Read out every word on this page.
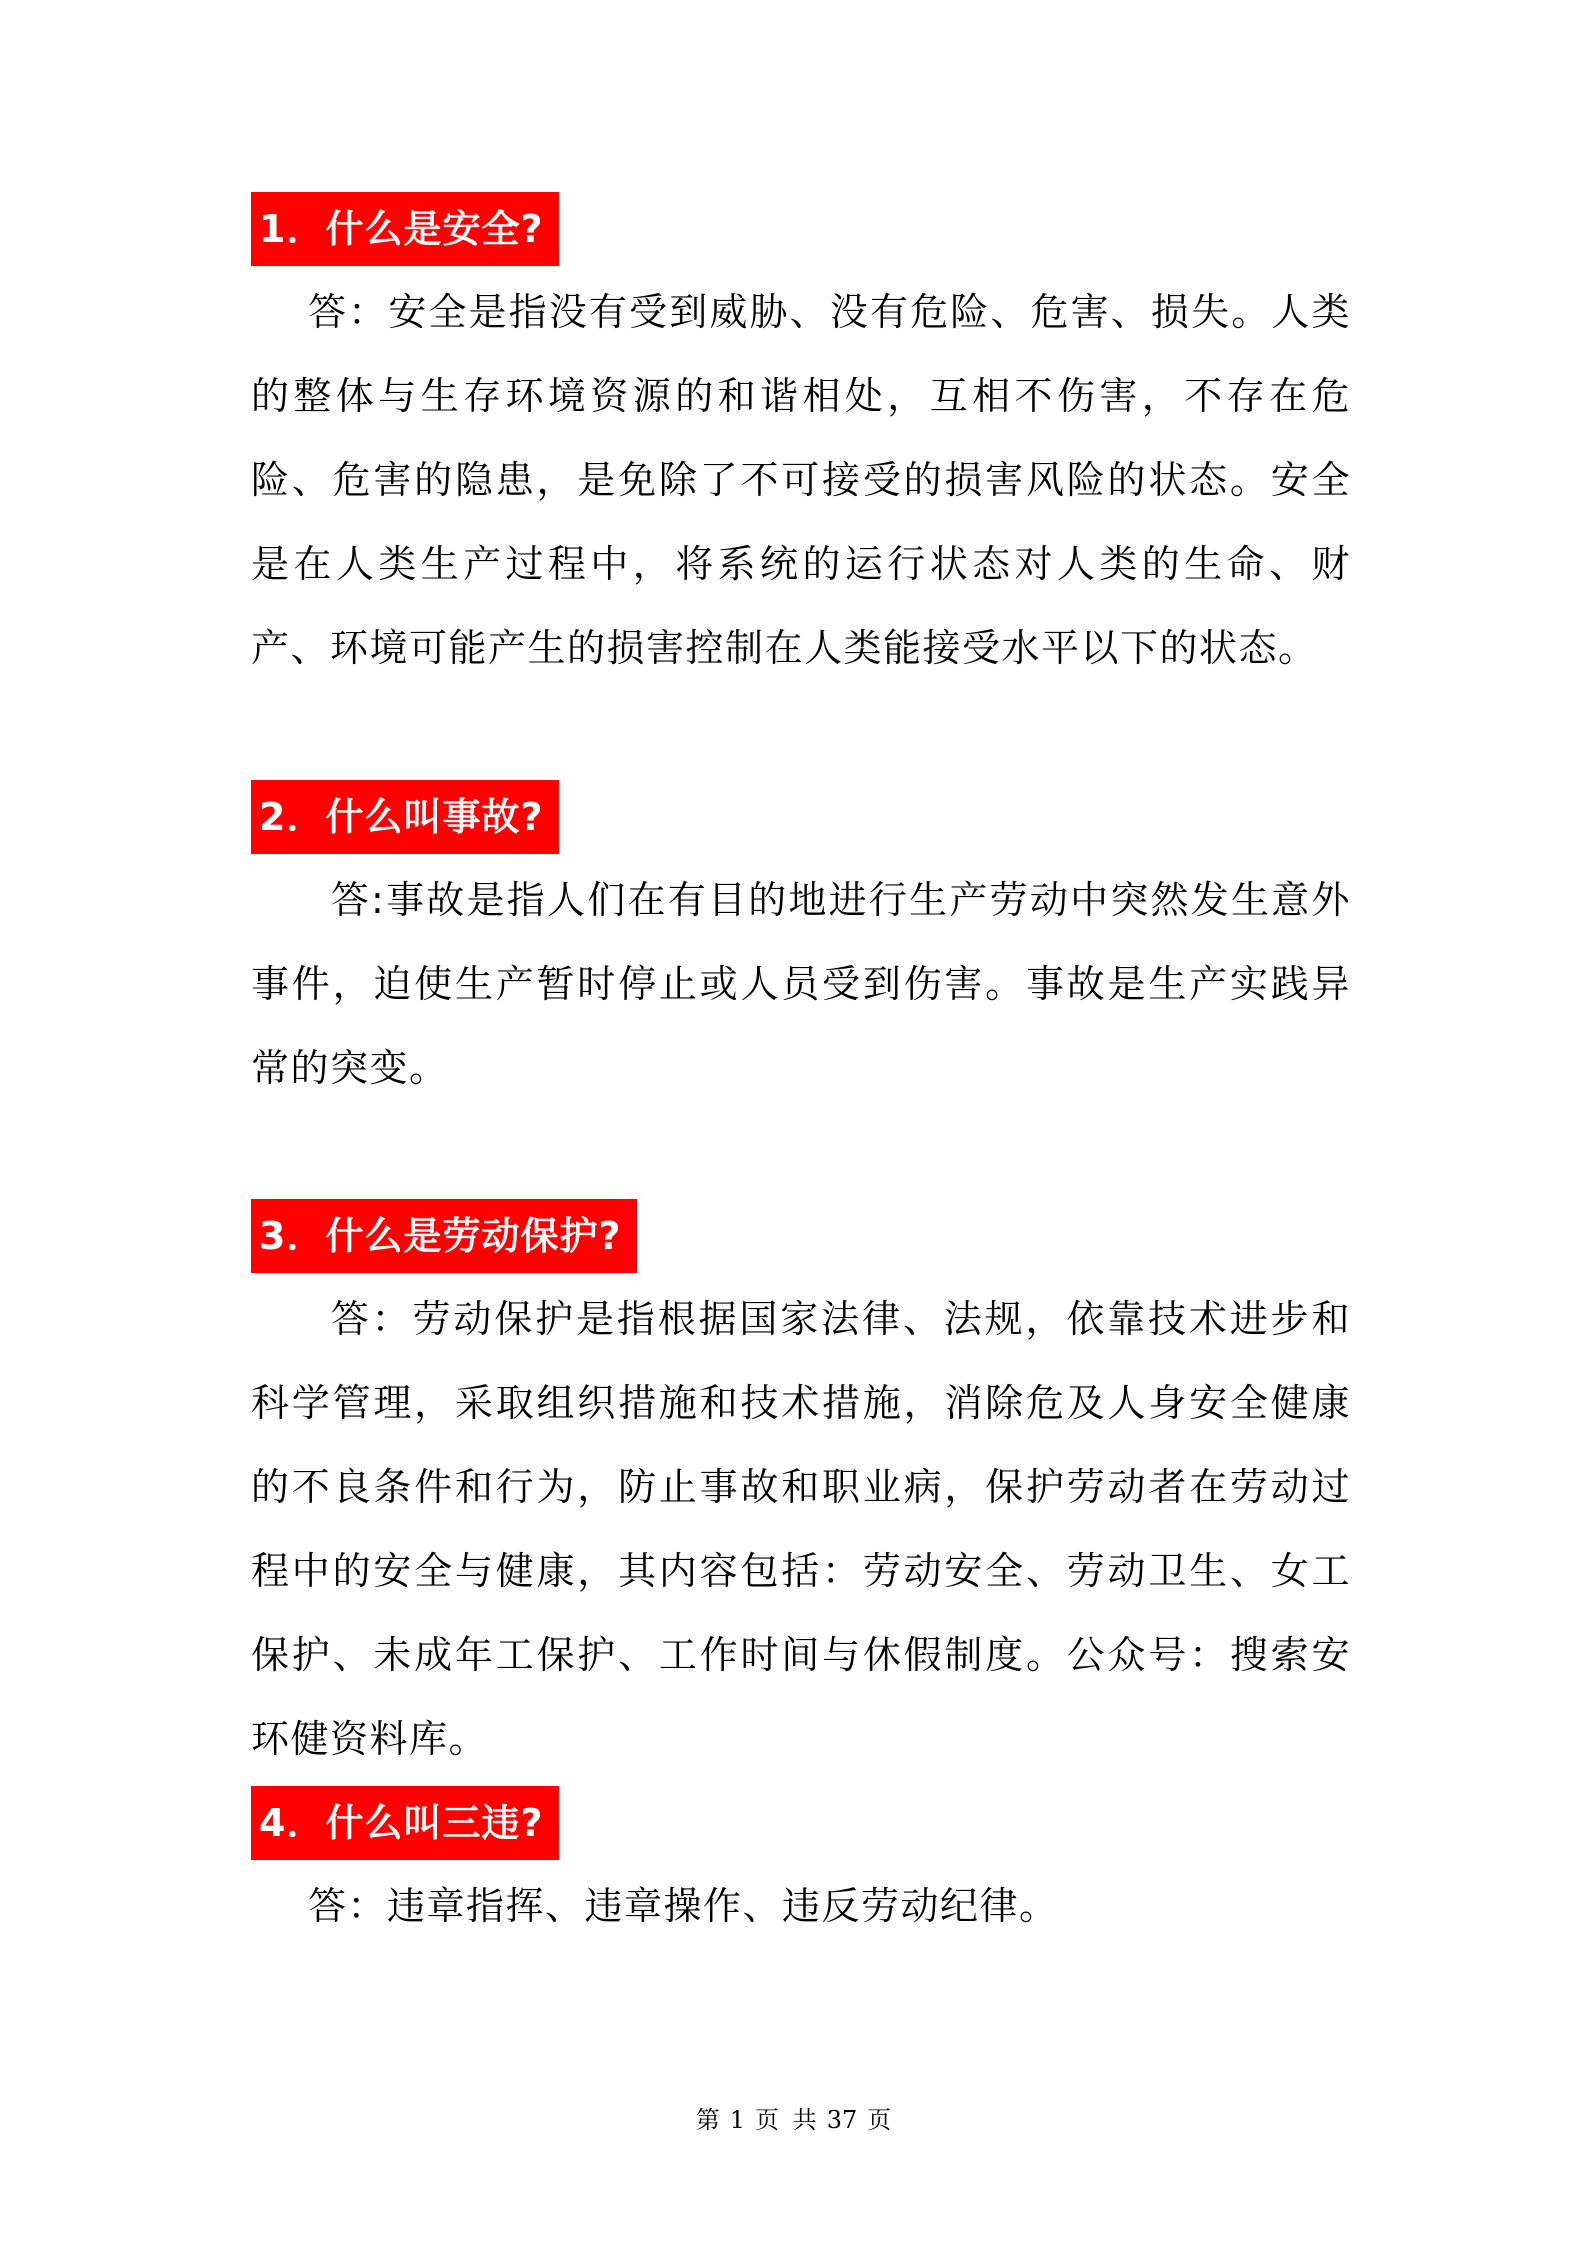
1．什么是安全?

答：安全是指没有受到威胁、没有危险、危害、损失。人类的整体与生存环境资源的和谐相处，互相不伤害，不存在危险、危害的隐患，是免除了不可接受的损害风险的状态。安全是在人类生产过程中，将系统的运行状态对人类的生命、财产、环境可能产生的损害控制在人类能接受水平以下的状态。

2．什么叫事故?

答:事故是指人们在有目的地进行生产劳动中突然发生意外事件，迫使生产暂时停止或人员受到伤害。事故是生产实践异常的突变。

3．什么是劳动保护?

答：劳动保护是指根据国家法律、法规，依靠技术进步和科学管理，采取组织措施和技术措施，消除危及人身安全健康的不良条件和行为，防止事故和职业病，保护劳动者在劳动过程中的安全与健康，其内容包括：劳动安全、劳动卫生、女工保护、未成年工保护、工作时间与休假制度。公众号：搜索安环健资料库。

4．什么叫三违?

答：违章指挥、违章操作、违反劳动纪律。

第 1 页 共 37 页
